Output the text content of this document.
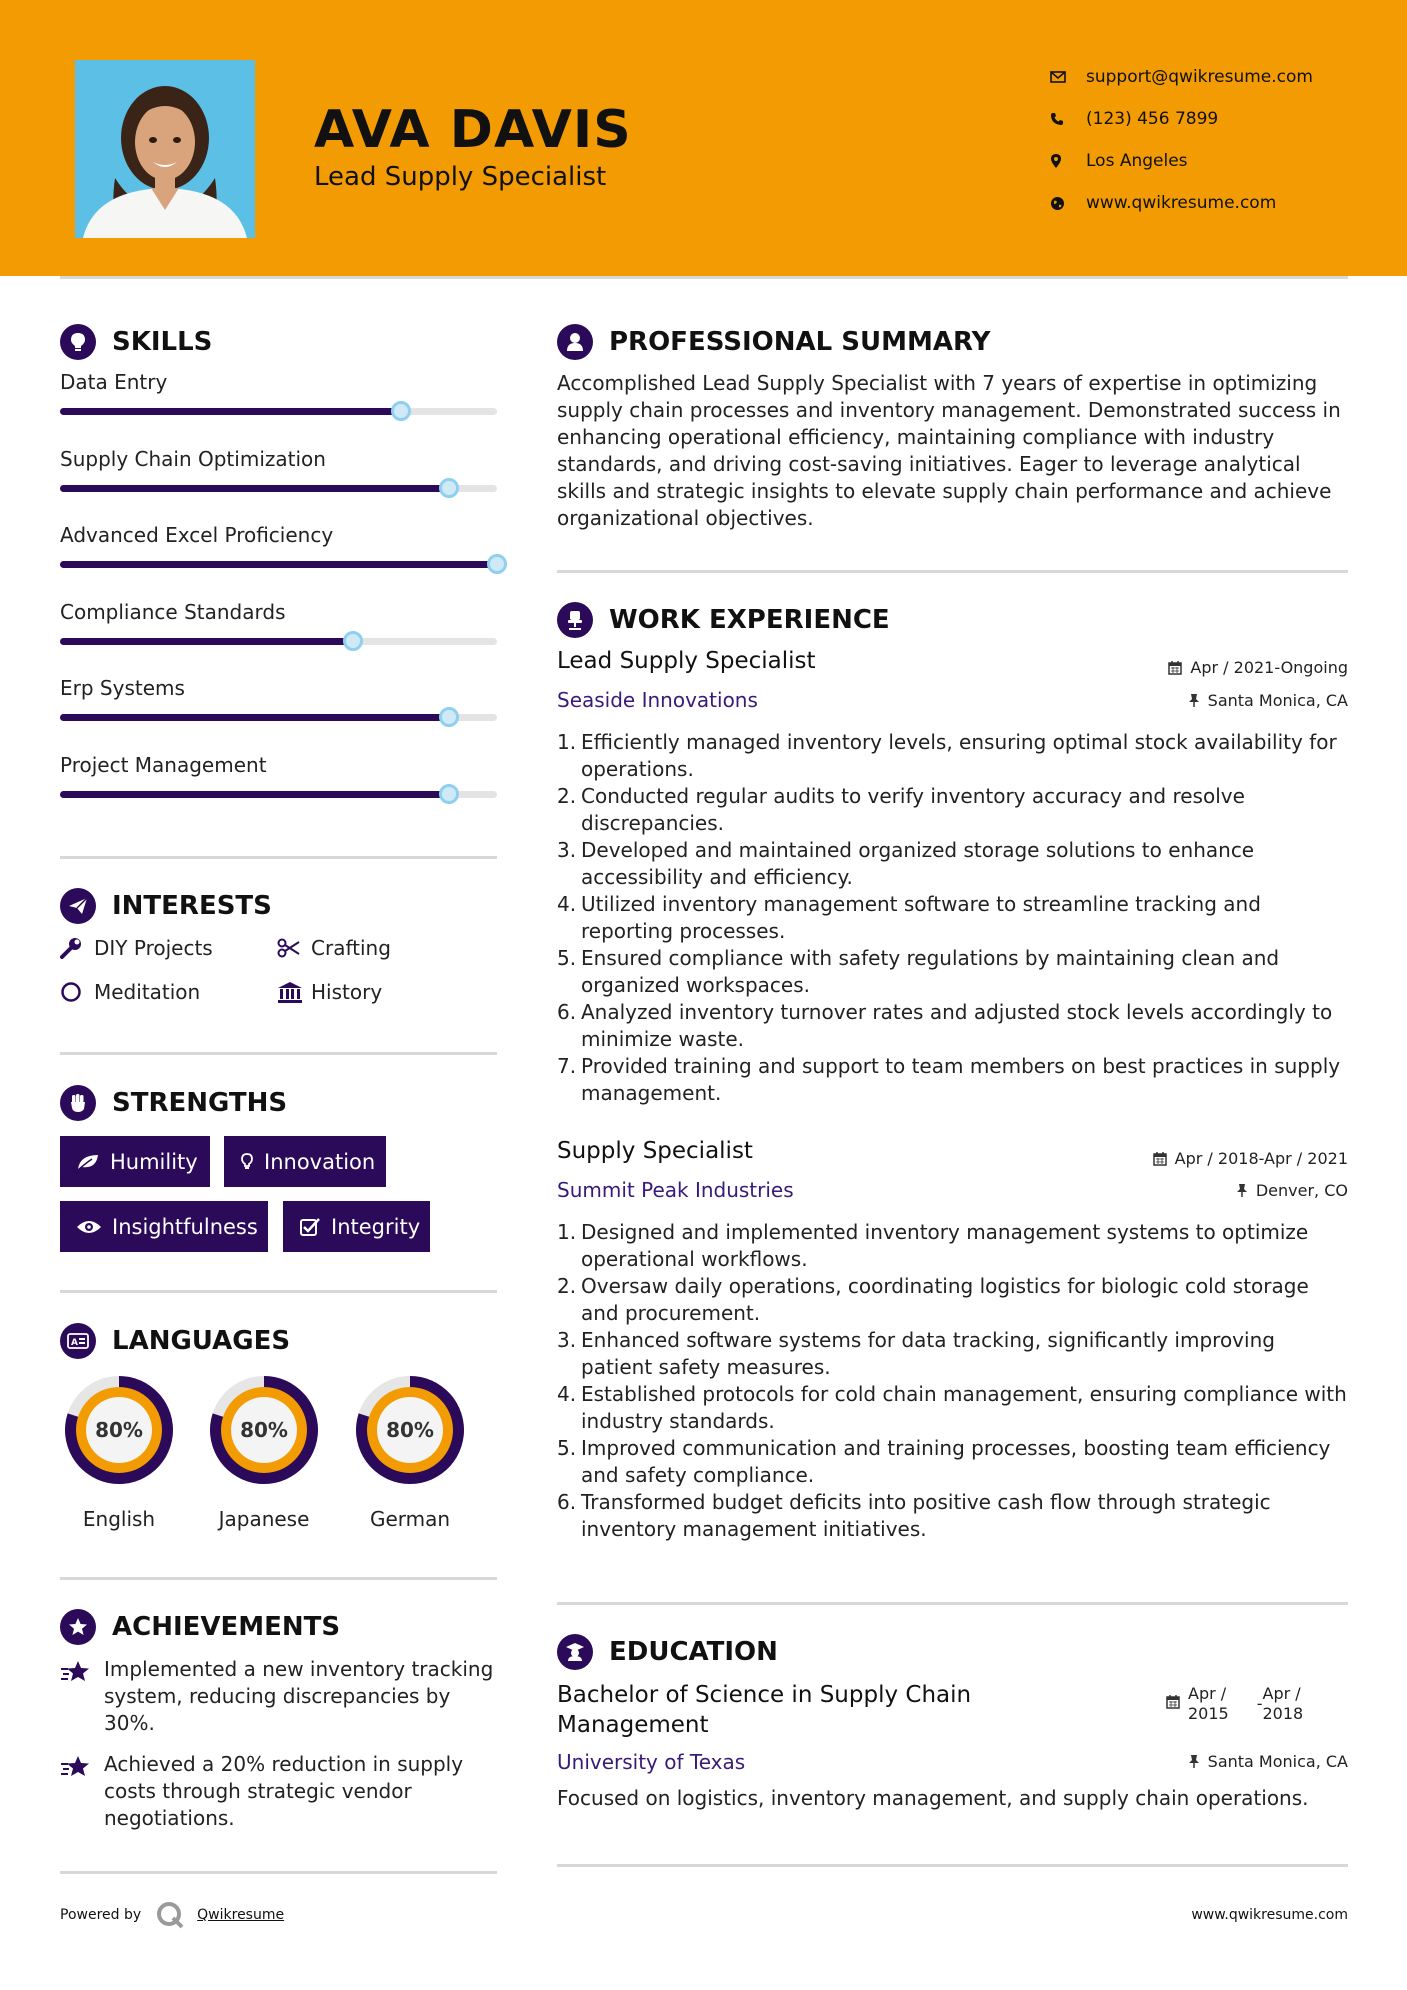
AVA DAVIS
Lead Supply Specialist
support@qwikresume.com
(123) 456 7899
Los Angeles
www.qwikresume.com
SKILLS
Data Entry
Supply Chain Optimization
Advanced Excel Proficiency
Compliance Standards
Erp Systems
Project Management
INTERESTS
DIY Projects	Crafting
Meditation	History
STRENGTHS
Humility	Innovation
Insightfulness	Integrity
A LANGUAGES
80%
English
80%
Japanese
80%
German
ACHIEVEMENTS
Implemented a new inventory tracking system, reducing discrepancies by 30%.
Achieved a 20% reduction in supply costs through strategic vendor negotiations.
PROFESSIONAL SUMMARY
Accomplished Lead Supply Specialist with 7 years of expertise in optimizing supply chain processes and inventory management. Demonstrated success in enhancing operational efficiency, maintaining compliance with industry standards, and driving cost-saving initiatives. Eager to leverage analytical skills and strategic insights to elevate supply chain performance and achieve organizational objectives.
WORK EXPERIENCE
Lead Supply Specialist	Apr / 2021-Ongoing
Seaside Innovations	Santa Monica, CA
1. Efficiently managed inventory levels, ensuring optimal stock availability for operations.
2. Conducted regular audits to verify inventory accuracy and resolve discrepancies.
3. Developed and maintained organized storage solutions to enhance accessibility and efficiency.
4. Utilized inventory management software to streamline tracking and reporting processes.
5. Ensured compliance with safety regulations by maintaining clean and organized workspaces.
6. Analyzed inventory turnover rates and adjusted stock levels accordingly to minimize waste.
7. Provided training and support to team members on best practices in supply management.
Supply Specialist	Apr / 2018-Apr / 2021
Summit Peak Industries	Denver, CO
1. Designed and implemented inventory management systems to optimize operational workflows.
2. Oversaw daily operations, coordinating logistics for biologic cold storage and procurement.
3. Enhanced software systems for data tracking, significantly improving patient safety measures.
4. Established protocols for cold chain management, ensuring compliance with industry standards.
5. Improved communication and training processes, boosting team efficiency and safety compliance.
6. Transformed budget deficits into positive cash flow through strategic inventory management initiatives.
EDUCATION
Bachelor of Science in Supply Chain
Management
Apr /
2015
-
Apr /
2018
University of Texas	Santa Monica, CA
Focused on logistics, inventory management, and supply chain operations.
Powered by	Qwikresume	www.qwikresume.com
